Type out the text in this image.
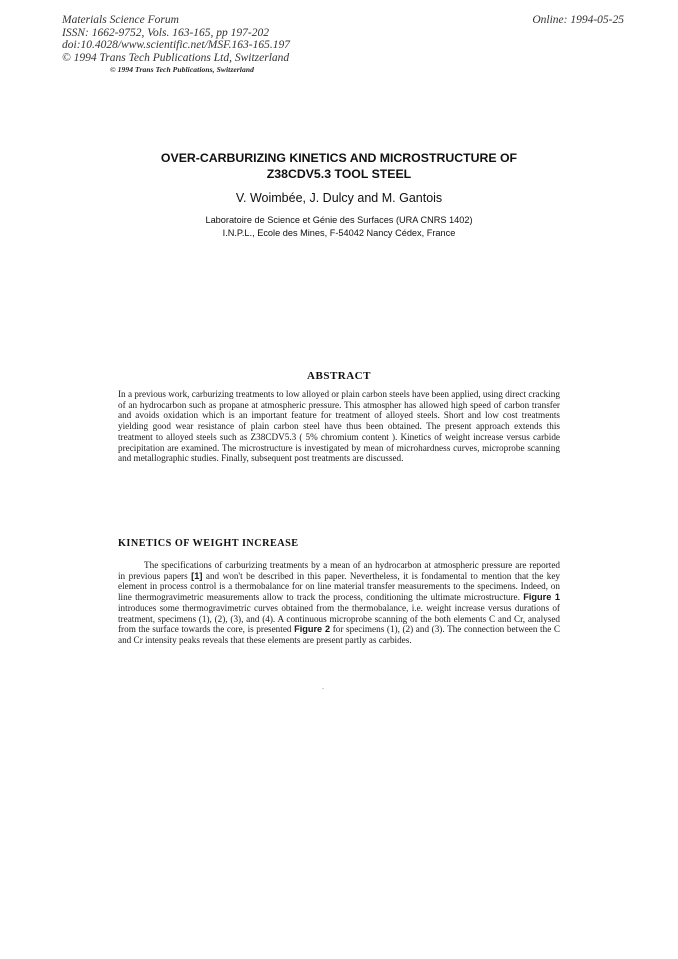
Materials Science Forum
ISSN: 1662-9752, Vols. 163-165, pp 197-202
doi:10.4028/www.scientific.net/MSF.163-165.197
© 1994 Trans Tech Publications Ltd, Switzerland
Online: 1994-05-25
© 1994 Trans Tech Publications, Switzerland
OVER-CARBURIZING KINETICS AND MICROSTRUCTURE OF
Z38CDV5.3 TOOL STEEL
V. Woimbée, J. Dulcy and M. Gantois
Laboratoire de Science et Génie des Surfaces (URA CNRS 1402)
I.N.P.L., Ecole des Mines, F-54042 Nancy Cédex, France
ABSTRACT
In a previous work, carburizing treatments to low alloyed or plain carbon steels have been applied, using direct cracking of an hydrocarbon such as propane at atmospheric pressure. This atmospher has allowed high speed of carbon transfer and avoids oxidation which is an important feature for treatment of alloyed steels. Short and low cost treatments yielding good wear resistance of plain carbon steel have thus been obtained. The present approach extends this treatment to alloyed steels such as Z38CDV5.3 ( 5% chromium content ). Kinetics of weight increase versus carbide precipitation are examined. The microstructure is investigated by mean of microhardness curves, microprobe scanning and metallographic studies. Finally, subsequent post treatments are discussed.
KINETICS OF WEIGHT INCREASE
The specifications of carburizing treatments by a mean of an hydrocarbon at atmospheric pressure are reported in previous papers [1] and won't be described in this paper. Nevertheless, it is fondamental to mention that the key element in process control is a thermobalance for on line material transfer measurements to the specimens. Indeed, on line thermogravimetric measurements allow to track the process, conditioning the ultimate microstructure. Figure 1 introduces some thermogravimetric curves obtained from the thermobalance, i.e. weight increase versus durations of treatment, specimens (1), (2), (3), and (4). A continuous microprobe scanning of the both elements C and Cr, analysed from the surface towards the core, is presented Figure 2 for specimens (1), (2) and (3). The connection between the C and Cr intensity peaks reveals that these elements are present partly as carbides.
